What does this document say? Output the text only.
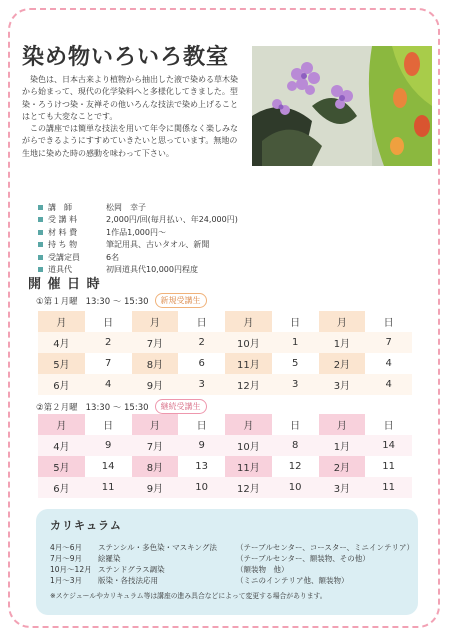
染め物いろいろ教室

染色は、日本古来より植物から抽出した液で染める草木染から始まって、現代の化学染料へと多様化してきました。型染・ろうけつ染・友禅その他いろんな技法で染め上げることはとても大変なことです。

この講座では簡単な技法を用いて年令に関係なく楽しみながらできるようにすすめていきたいと思っています。無地の生地に染めた時の感動を味わって下さい。

講　師	松岡　幸子
受 講 料	2,000円/回(毎月払い、年24,000円)
材 料 費	1作品1,000円～
持 ち 物	筆記用具、古いタオル、新聞
受講定員	6名
道具代	初回道具代10,000円程度
開 催 日 時
①第１月曜 13:30 ～ 15:30	新規受講生
月	日	月	日	月	日	月	日
4月	2	7月	2	10月	1	1月	7
5月	7	8月	6	11月	5	2月	4
6月	4	9月	3	12月	3	3月	4
②第２月曜 13:30 ～ 15:30	継続受講生
月	日	月	日	月	日	月	日
4月	9	7月	9	10月	8	1月	14
5月	14	8月	13	11月	12	2月	11
6月	11	9月	10	12月	10	3月	11
カリキュラム
4月～6月 ステンシル・多色染・マスキング法	（テーブルセンター、コースター、ミニインテリア）
7月～9月 絵羅染	（テーブルセンター、額装物、その他）
10月～12月 ステンドグラス調染	（額装物　他）
1月～3月 版染・各技法応用	（ミニのインテリア他、額装物）
※スケジュールやカリキュラム等は講座の進み具合などによって変更する場合があります。
